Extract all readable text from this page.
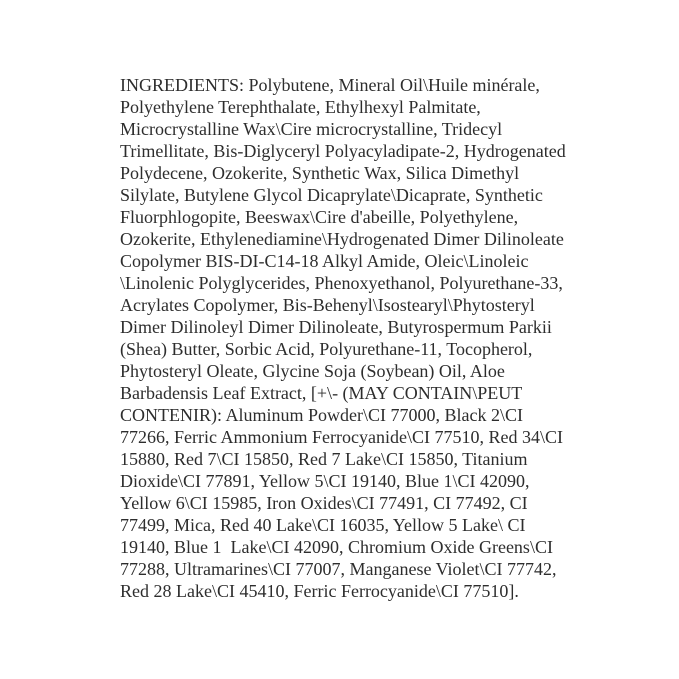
INGREDIENTS: Polybutene, Mineral Oil\Huile minérale,
Polyethylene Terephthalate, Ethylhexyl Palmitate,
Microcrystalline Wax\Cire microcrystalline, Tridecyl
Trimellitate, Bis-Diglyceryl Polyacyladipate-2, Hydrogenated
Polydecene, Ozokerite, Synthetic Wax, Silica Dimethyl
Silylate, Butylene Glycol Dicaprylate\Dicaprate, Synthetic
Fluorphlogopite, Beeswax\Cire d'abeille, Polyethylene,
Ozokerite, Ethylenediamine\Hydrogenated Dimer Dilinoleate
Copolymer BIS-DI-C14-18 Alkyl Amide, Oleic\Linoleic
\Linolenic Polyglycerides, Phenoxyethanol, Polyurethane-33,
Acrylates Copolymer, Bis-Behenyl\Isostearyl\Phytosteryl
Dimer Dilinoleyl Dimer Dilinoleate, Butyrospermum Parkii
(Shea) Butter, Sorbic Acid, Polyurethane-11, Tocopherol,
Phytosteryl Oleate, Glycine Soja (Soybean) Oil, Aloe
Barbadensis Leaf Extract, [+\- (MAY CONTAIN\PEUT
CONTENIR): Aluminum Powder\CI 77000, Black 2\CI
77266, Ferric Ammonium Ferrocyanide\CI 77510, Red 34\CI
15880, Red 7\CI 15850, Red 7 Lake\CI 15850, Titanium
Dioxide\CI 77891, Yellow 5\CI 19140, Blue 1\CI 42090,
Yellow 6\CI 15985, Iron Oxides\CI 77491, CI 77492, CI
77499, Mica, Red 40 Lake\CI 16035, Yellow 5 Lake\ CI
19140, Blue 1  Lake\CI 42090, Chromium Oxide Greens\CI
77288, Ultramarines\CI 77007, Manganese Violet\CI 77742,
Red 28 Lake\CI 45410, Ferric Ferrocyanide\CI 77510].
